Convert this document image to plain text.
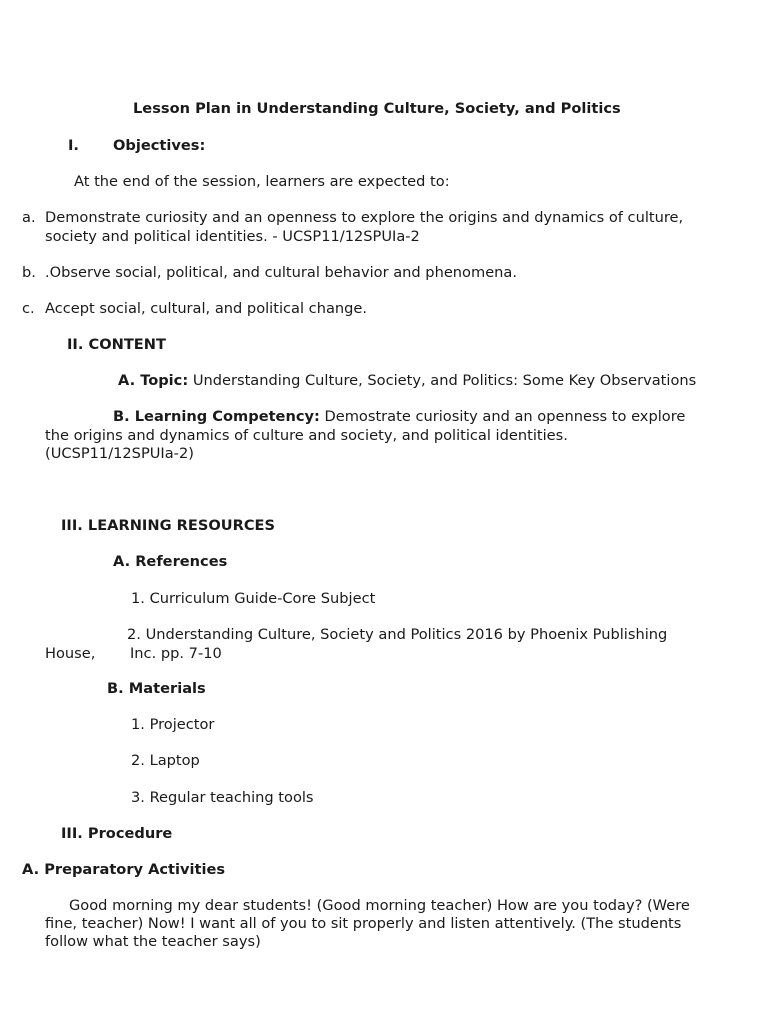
Lesson Plan in Understanding Culture, Society, and Politics
I. Objectives:
At the end of the session, learners are expected to:
a. Demonstrate curiosity and an openness to explore the origins and dynamics of culture,
society and political identities. - UCSP11/12SPUIa-2
b. .Observe social, political, and cultural behavior and phenomena.
c. Accept social, cultural, and political change.
II. CONTENT
A. Topic: Understanding Culture, Society, and Politics: Some Key Observations
B. Learning Competency: Demostrate curiosity and an openness to explore
the origins and dynamics of culture and society, and political identities.
(UCSP11/12SPUIa-2)
III. LEARNING RESOURCES
A. References
1. Curriculum Guide-Core Subject
2. Understanding Culture, Society and Politics 2016 by Phoenix Publishing
House, Inc. pp. 7-10
B. Materials
1. Projector
2. Laptop
3. Regular teaching tools
III. Procedure
A. Preparatory Activities
Good morning my dear students! (Good morning teacher) How are you today? (Were
fine, teacher) Now! I want all of you to sit properly and listen attentively. (The students
follow what the teacher says)
